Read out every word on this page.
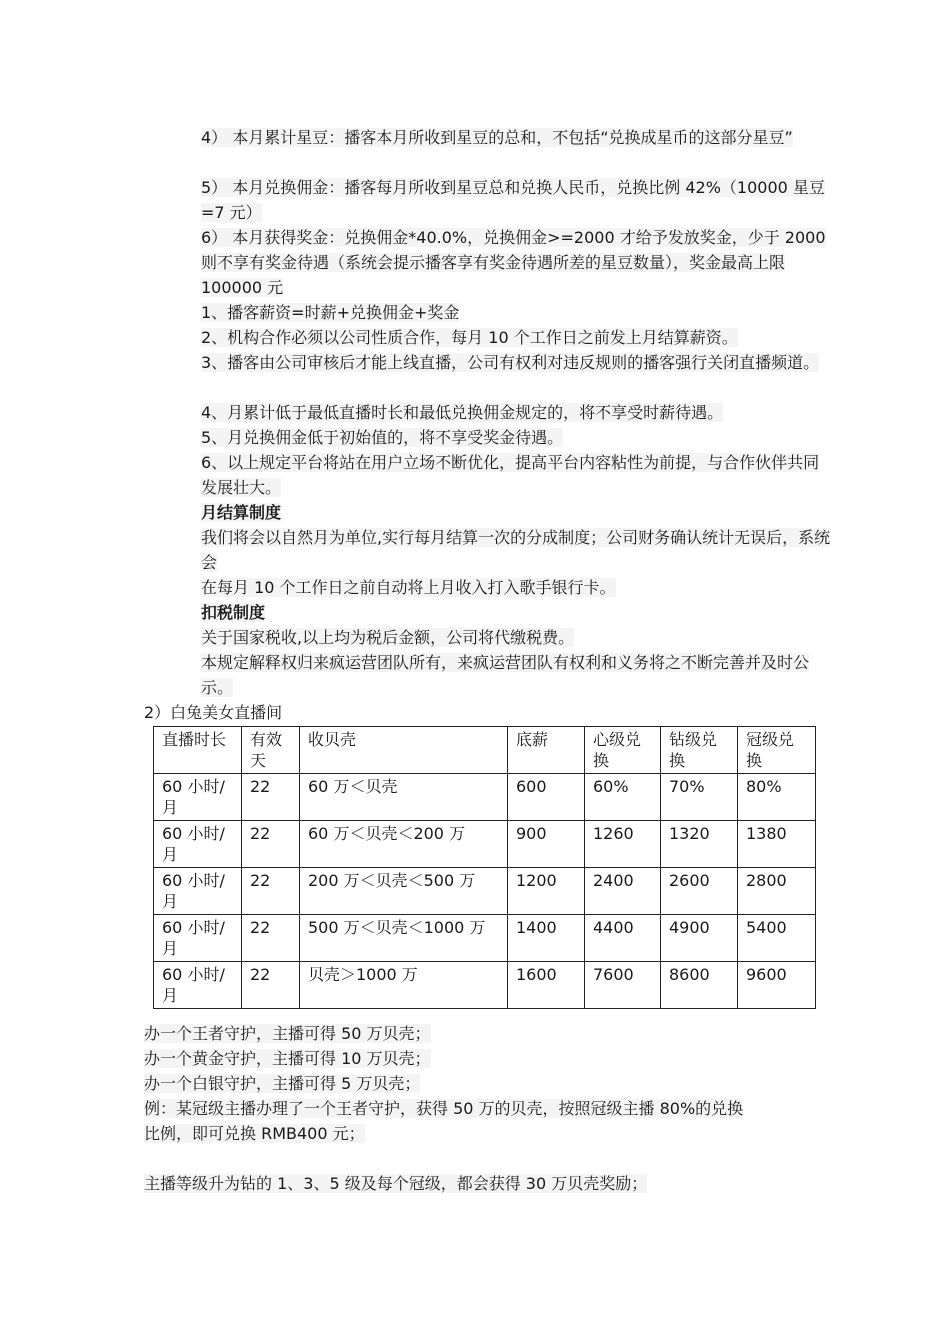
4） 本月累计星豆：播客本月所收到星豆的总和，不包括“兑换成星币的这部分星豆”

5） 本月兑换佣金：播客每月所收到星豆总和兑换人民币，兑换比例 42%（10000 星豆=7 元）

6） 本月获得奖金：兑换佣金*40.0%，兑换佣金>=2000 才给予发放奖金，少于 2000 则不享有奖金待遇（系统会提示播客享有奖金待遇所差的星豆数量），奖金最高上限 100000 元

1、播客薪资=时薪+兑换佣金+奖金

2、机构合作必须以公司性质合作，每月 10 个工作日之前发上月结算薪资。

3、播客由公司审核后才能上线直播，公司有权利对违反规则的播客强行关闭直播频道。

4、月累计低于最低直播时长和最低兑换佣金规定的，将不享受时薪待遇。

5、月兑换佣金低于初始值的，将不享受奖金待遇。

6、以上规定平台将站在用户立场不断优化，提高平台内容粘性为前提，与合作伙伴共同发展壮大。

月结算制度

我们将会以自然月为单位,实行每月结算一次的分成制度；公司财务确认统计无误后，系统会

在每月 10 个工作日之前自动将上月收入打入歌手银行卡。

扣税制度

关于国家税收,以上均为税后金额，公司将代缴税费。

本规定解释权归来疯运营团队所有，来疯运营团队有权利和义务将之不断完善并及时公示。

2）白兔美女直播间

直播时长	有效天	收贝壳	底薪	心级兑换	钻级兑换	冠级兑换
60 小时/月	22	60 万＜贝壳	600	60%	70%	80%
60 小时/月	22	60 万＜贝壳＜200 万	900	1260	1320	1380
60 小时/月	22	200 万＜贝壳＜500 万	1200	2400	2600	2800
60 小时/月	22	500 万＜贝壳＜1000 万	1400	4400	4900	5400
60 小时/月	22	贝壳＞1000 万	1600	7600	8600	9600

办一个王者守护，主播可得 50 万贝壳；

办一个黄金守护，主播可得 10 万贝壳；

办一个白银守护，主播可得 5 万贝壳；

例：某冠级主播办理了一个王者守护，获得 50 万的贝壳，按照冠级主播 80%的兑换比例，即可兑换 RMB400 元；

主播等级升为钻的 1、3、5 级及每个冠级，都会获得 30 万贝壳奖励；
